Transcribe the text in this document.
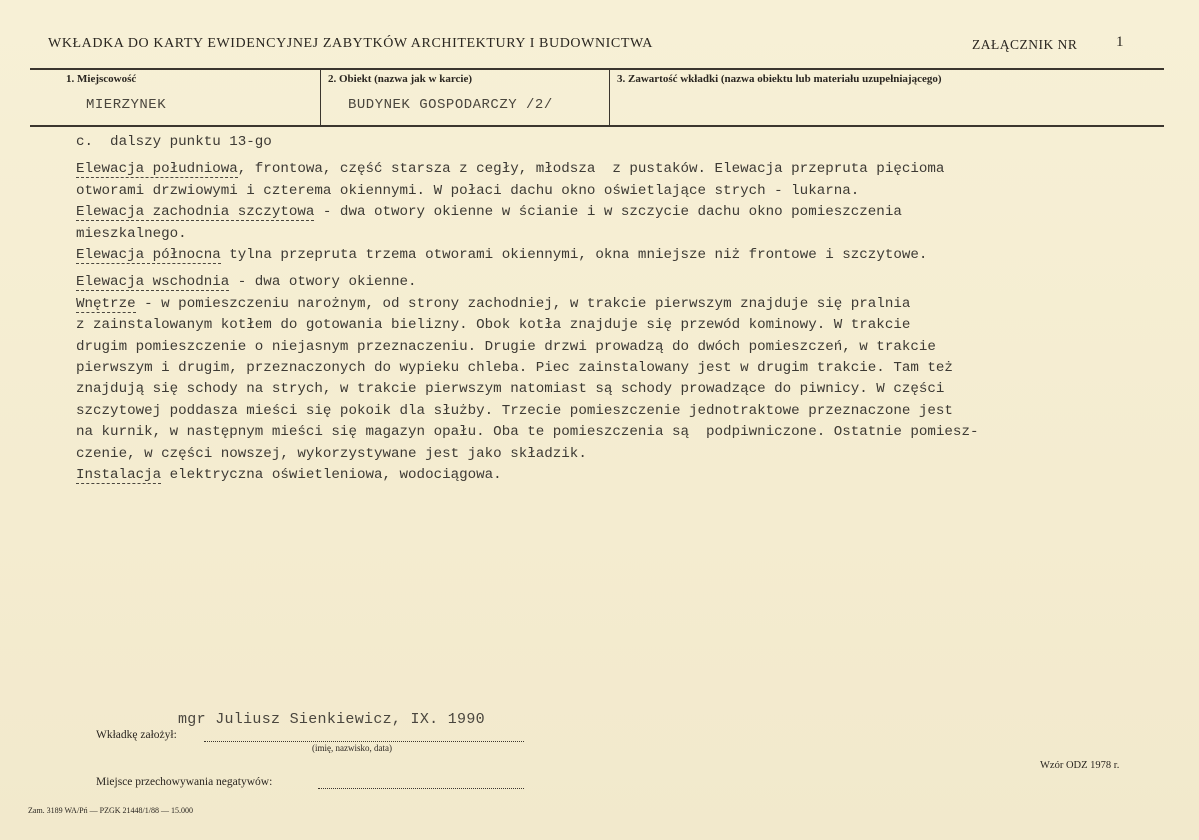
WKŁADKA DO KARTY EWIDENCYJNEJ ZABYTKÓW ARCHITEKTURY I BUDOWNICTWA	ZAŁĄCZNIK NR	1
1. Miejscowość
MIERZYNEK
2. Obiekt (nazwa jak w karcie)
BUDYNEK GOSPODARCZY /2/
3. Zawartość wkładki (nazwa obiektu lub materiału uzupełniającego)
c.  dalszy punktu 13-go
Elewacja południowa, frontowa, część starsza z cegły, młodsza  z pustaków. Elewacja przepruta pięcioma
otworami drzwiowymi i czterema okiennymi. W połaci dachu okno oświetlające strych - lukarna.
Elewacja zachodnia szczytowa - dwa otwory okienne w ścianie i w szczycie dachu okno pomieszczenia
mieszkalnego.
Elewacja północna tylna przepruta trzema otworami okiennymi, okna mniejsze niż frontowe i szczytowe.
Elewacja wschodnia - dwa otwory okienne.
Wnętrze - w pomieszczeniu narożnym, od strony zachodniej, w trakcie pierwszym znajduje się pralnia
z zainstalowanym kotłem do gotowania bielizny. Obok kotła znajduje się przewód kominowy. W trakcie
drugim pomieszczenie o niejasnym przeznaczeniu. Drugie drzwi prowadzą do dwóch pomieszczeń, w trakcie
pierwszym i drugim, przeznaczonych do wypieku chleba. Piec zainstalowany jest w drugim trakcie. Tam też
znajdują się schody na strych, w trakcie pierwszym natomiast są schody prowadzące do piwnicy. W części
szczytowej poddasza mieści się pokoik dla służby. Trzecie pomieszczenie jednotraktowe przeznaczone jest
na kurnik, w następnym mieści się magazyn opału. Oba te pomieszczenia są  podpiwniczone. Ostatnie pomiesz-
czenie, w części nowszej, wykorzystywane jest jako składzik.
Instalacja elektryczna oświetleniowa, wodociągowa.
mgr Juliusz Sienkiewicz, IX. 1990
Wkładkę założył:
(imię, nazwisko, data)
Miejsce przechowywania negatywów:
Wzór ODZ 1978 r.
Zam. 3189 WA/Pń — PZGK 21448/1/88 — 15.000
